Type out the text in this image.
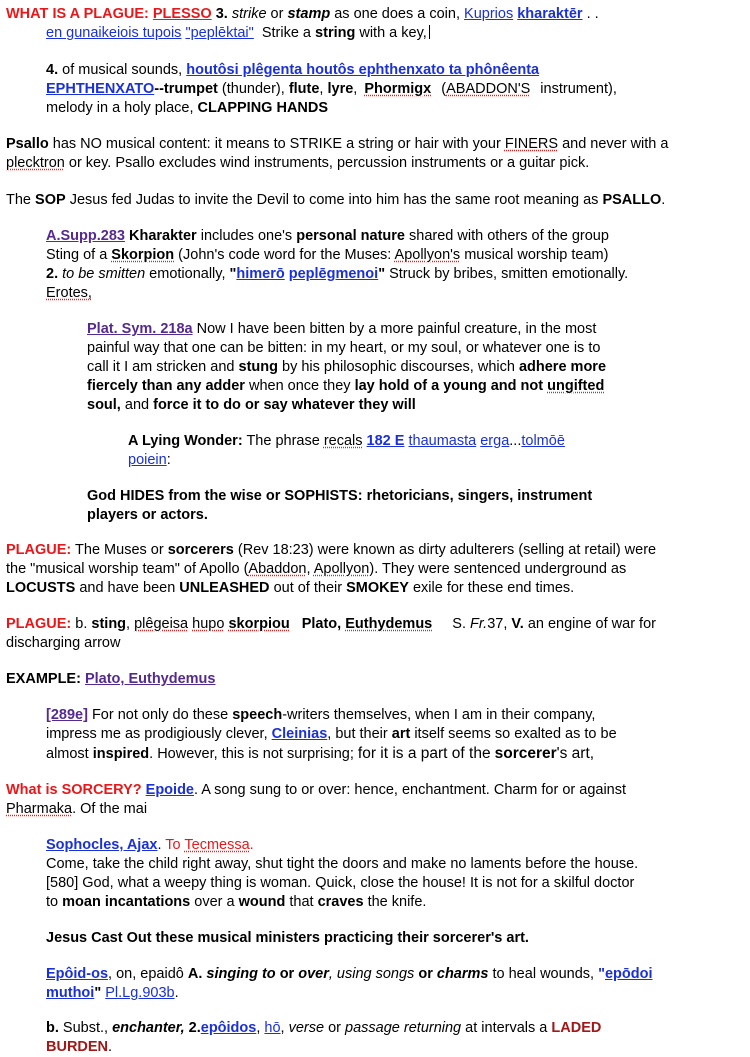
WHAT IS A PLAGUE: PLESSO 3. strike or stamp as one does a coin, Kuprios kharaktēr . .
en gunaikeiois tupois "peplēktai" Strike a string with a key,
4. of musical sounds, houtôsi plêgenta houtôs ephthenxato ta phônêenta
EPHTHENXATO--trumpet (thunder), flute, lyre, Phormigx (ABADDON'S instrument),
melody in a holy place, CLAPPING HANDS
Psallo has NO musical content: it means to STRIKE a string or hair with your FINERS and never with a
plecktron or key. Psallo excludes wind instruments, percussion instruments or a guitar pick.
The SOP Jesus fed Judas to invite the Devil to come into him has the same root meaning as PSALLO.
A.Supp.283 Kharakter includes one's personal nature shared with others of the group
Sting of a Skorpion (John's code word for the Muses: Apollyon's musical worship team)
2. to be smitten emotionally, "himerō peplēgmenoi" Struck by bribes, smitten emotionally.
Erotes,
Plat. Sym. 218a Now I have been bitten by a more painful creature, in the most
painful way that one can be bitten: in my heart, or my soul, or whatever one is to
call it I am stricken and stung by his philosophic discourses, which adhere more
fiercely than any adder when once they lay hold of a young and not ungifted
soul, and force it to do or say whatever they will
A Lying Wonder: The phrase recals 182 E thaumasta erga...tolmōē
poiein:
God HIDES from the wise or SOPHISTS: rhetoricians, singers, instrument
players or actors.
PLAGUE: The Muses or sorcerers (Rev 18:23) were known as dirty adulterers (selling at retail) were
the "musical worship team" of Apollo (Abaddon, Apollyon). They were sentenced underground as
LOCUSTS and have been UNLEASHED out of their SMOKEY exile for these end times.
PLAGUE: b. sting, plêgeisa hupo skorpiou Plato, Euthydemus S. Fr.37, V. an engine of war for
discharging arrow
EXAMPLE: Plato, Euthydemus
[289e] For not only do these speech-writers themselves, when I am in their company,
impress me as prodigiously clever, Cleinias, but their art itself seems so exalted as to be
almost inspired. However, this is not surprising; for it is a part of the sorcerer's art,
What is SORCERY? Epoide. A song sung to or over: hence, enchantment. Charm for or against
Pharmaka. Of the mai
Sophocles, Ajax. To Tecmessa.
Come, take the child right away, shut tight the doors and make no laments before the house.
[580] God, what a weepy thing is woman. Quick, close the house! It is not for a skilful doctor
to moan incantations over a wound that craves the knife.
Jesus Cast Out these musical ministers practicing their sorcerer's art.
Epôid-os, on, epaidô A. singing to or over, using songs or charms to heal wounds, "epōdoi
muthoi" Pl.Lg.903b.
b. Subst., enchanter, 2.epôidos, hō, verse or passage returning at intervals a LADED
BURDEN.
